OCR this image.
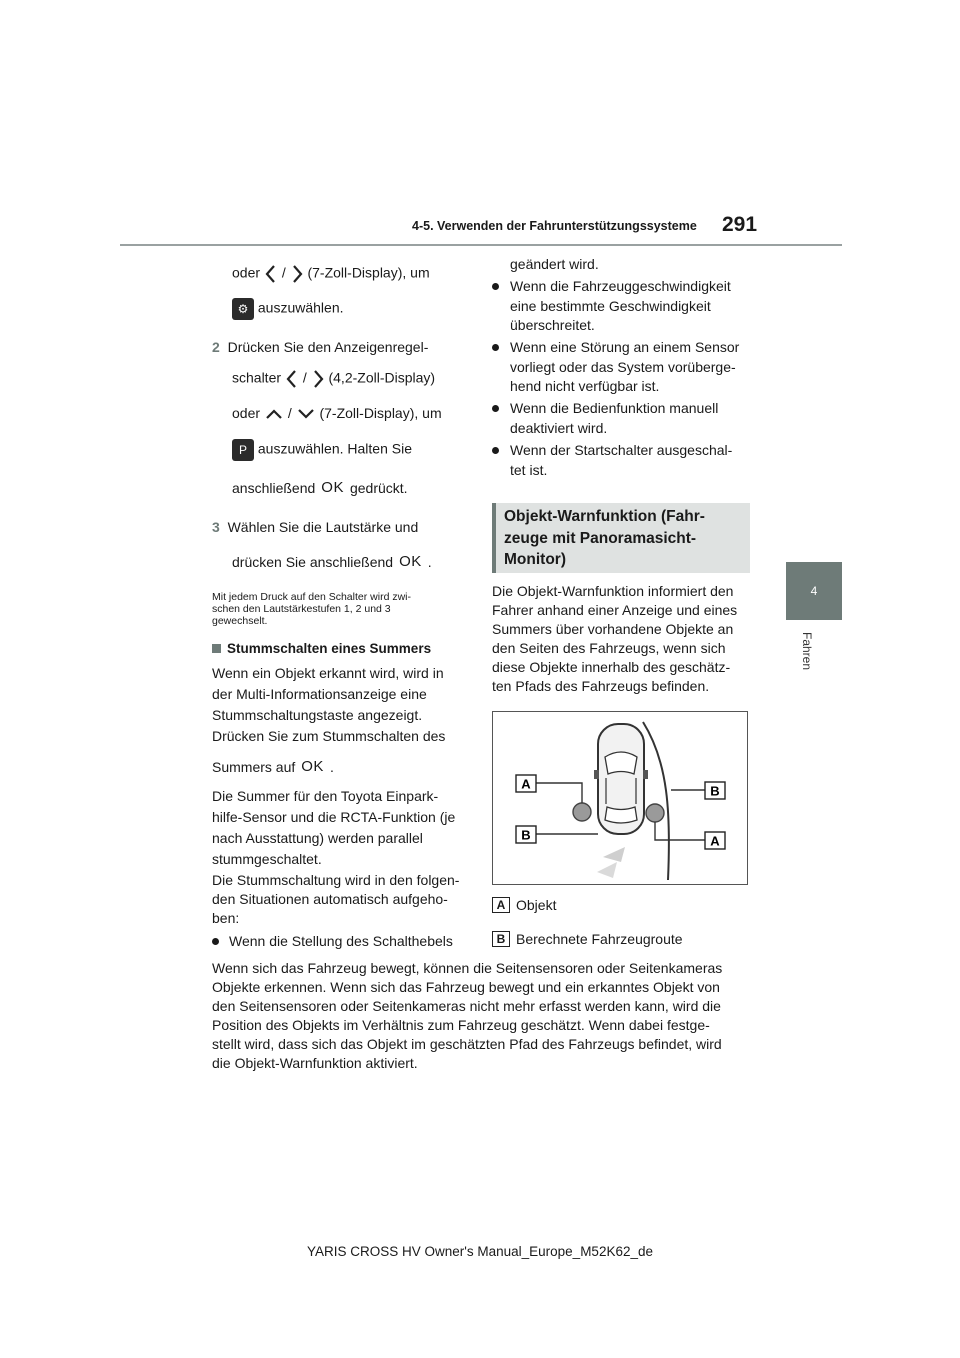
4-5. Verwenden der Fahrunterstützungssysteme 291
4
Fahren
oder / (7-Zoll-Display), um
⚙ auszuwählen.
2 Drücken Sie den Anzeigenregel-
schalter / (4,2-Zoll-Display)
oder / (7-Zoll-Display), um
P auszuwählen. Halten Sie
anschließend OK gedrückt.
3 Wählen Sie die Lautstärke und
drücken Sie anschließend OK .
Mit jedem Druck auf den Schalter wird zwi-
schen den Lautstärkestufen 1, 2 und 3
gewechselt.
Stummschalten eines Summers
Wenn ein Objekt erkannt wird, wird in
der Multi-Informationsanzeige eine
Stummschaltungstaste angezeigt.
Drücken Sie zum Stummschalten des
Summers auf OK .
Die Summer für den Toyota Einpark-
hilfe-Sensor und die RCTA-Funktion (je
nach Ausstattung) werden parallel
stummgeschaltet.
Die Stummschaltung wird in den folgen-
den Situationen automatisch aufgeho-
ben:
Wenn die Stellung des Schalthebels
geändert wird.
Wenn die Fahrzeuggeschwindigkeit
eine bestimmte Geschwindigkeit
überschreitet.
Wenn eine Störung an einem Sensor
vorliegt oder das System vorüberge-
hend nicht verfügbar ist.
Wenn die Bedienfunktion manuell
deaktiviert wird.
Wenn der Startschalter ausgeschal-
tet ist.
Objekt-Warnfunktion (Fahr-
zeuge mit Panoramasicht-
Monitor)
Die Objekt-Warnfunktion informiert den
Fahrer anhand einer Anzeige und eines
Summers über vorhandene Objekte an
den Seiten des Fahrzeugs, wenn sich
diese Objekte innerhalb des geschätz-
ten Pfads des Fahrzeugs befinden.
A
B
B
A
A Objekt
B Berechnete Fahrzeugroute
Wenn sich das Fahrzeug bewegt, können die Seitensensoren oder Seitenkameras
Objekte erkennen. Wenn sich das Fahrzeug bewegt und ein erkanntes Objekt von
den Seitensensoren oder Seitenkameras nicht mehr erfasst werden kann, wird die
Position des Objekts im Verhältnis zum Fahrzeug geschätzt. Wenn dabei festge-
stellt wird, dass sich das Objekt im geschätzten Pfad des Fahrzeugs befindet, wird
die Objekt-Warnfunktion aktiviert.
YARIS CROSS HV Owner's Manual_Europe_M52K62_de
